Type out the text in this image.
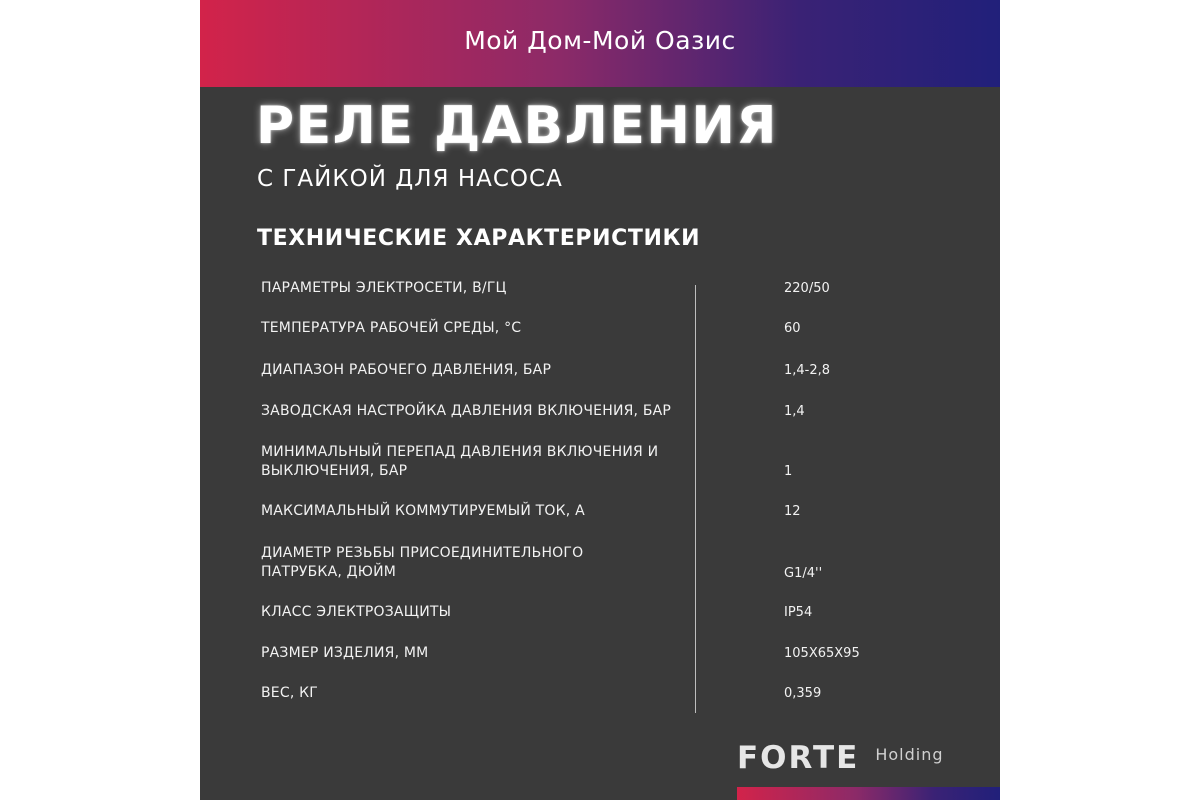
Мой Дом-Мой Оазис
РЕЛЕ ДАВЛЕНИЯ
С ГАЙКОЙ ДЛЯ НАСОСА
ТЕХНИЧЕСКИЕ ХАРАКТЕРИСТИКИ
ПАРАМЕТРЫ ЭЛЕКТРОСЕТИ, В/ГЦ	220/50
ТЕМПЕРАТУРА РАБОЧЕЙ СРЕДЫ, °С	60
ДИАПАЗОН РАБОЧЕГО ДАВЛЕНИЯ, БАР	1,4-2,8
ЗАВОДСКАЯ НАСТРОЙКА ДАВЛЕНИЯ ВКЛЮЧЕНИЯ, БАР	1,4
МИНИМАЛЬНЫЙ ПЕРЕПАД ДАВЛЕНИЯ ВКЛЮЧЕНИЯ И ВЫКЛЮЧЕНИЯ, БАР	1
МАКСИМАЛЬНЫЙ КОММУТИРУЕМЫЙ ТОК, А	12
ДИАМЕТР РЕЗЬБЫ ПРИСОЕДИНИТЕЛЬНОГО ПАТРУБКА, ДЮЙМ	G1/4''
КЛАСС ЭЛЕКТРОЗАЩИТЫ	IP54
РАЗМЕР ИЗДЕЛИЯ, ММ	105X65X95
ВЕС, КГ	0,359
FORTE Holding
